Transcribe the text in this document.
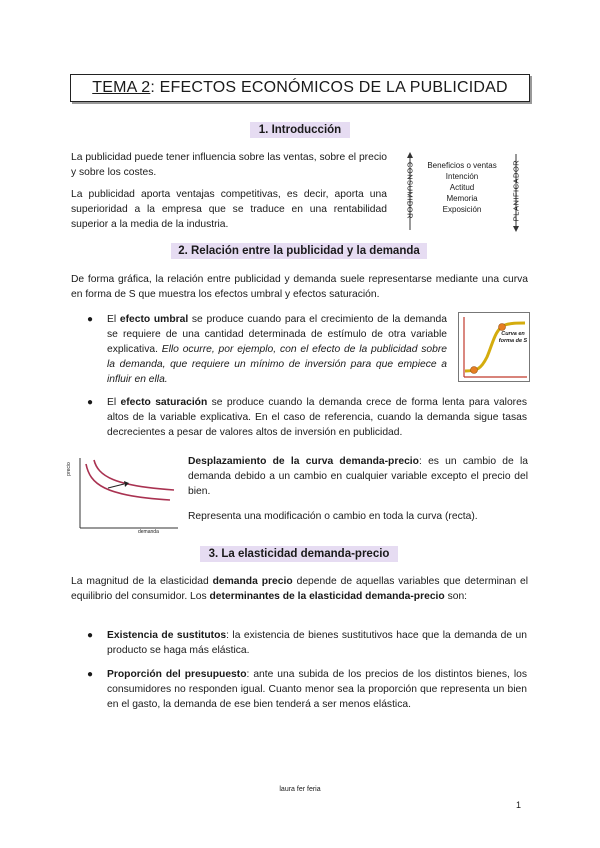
TEMA 2 : EFECTOS ECONÓMICOS DE LA PUBLICIDAD
1. Introducción
La publicidad puede tener influencia sobre las ventas, sobre el precio y sobre los costes.
La publicidad aporta ventajas competitivas, es decir, aporta una superioridad a la empresa que se traduce en una rentabilidad superior a la media de la industria.
CONSUMIDOR	PLANIFICADOR
Beneficios o ventas
Intención
Actitud
Memoria
Exposición
2. Relación entre la publicidad y la demanda
De forma gráfica, la relación entre publicidad y demanda suele representarse mediante una curva en forma de S que muestra los efectos umbral y efectos saturación.
● El efecto umbral se produce cuando para el crecimiento de la demanda se requiere de una cantidad determinada de estímulo de otra variable explicativa. Ello ocurre, por ejemplo, con el efecto de la publicidad sobre la demanda, que requiere un mínimo de inversión para que empiece a influir en ella.
Curva en
forma de S
● El efecto saturación se produce cuando la demanda crece de forma lenta para valores altos de la variable explicativa. En el caso de referencia, cuando la demanda sigue tasas decrecientes a pesar de valores altos de inversión en publicidad.
precio
demanda
Desplazamiento de la curva demanda-precio: es un cambio de la demanda debido a un cambio en cualquier variable excepto el precio del bien.
Representa una modificación o cambio en toda la curva (recta).
3. La elasticidad demanda-precio
La magnitud de la elasticidad demanda precio depende de aquellas variables que determinan el equilibrio del consumidor. Los determinantes de la elasticidad demanda-precio son:
● Existencia de sustitutos: la existencia de bienes sustitutivos hace que la demanda de un producto se haga más elástica.
● Proporción del presupuesto: ante una subida de los precios de los distintos bienes, los consumidores no responden igual. Cuanto menor sea la proporción que representa un bien en el gasto, la demanda de ese bien tenderá a ser menos elástica.
laura fer feria
1
